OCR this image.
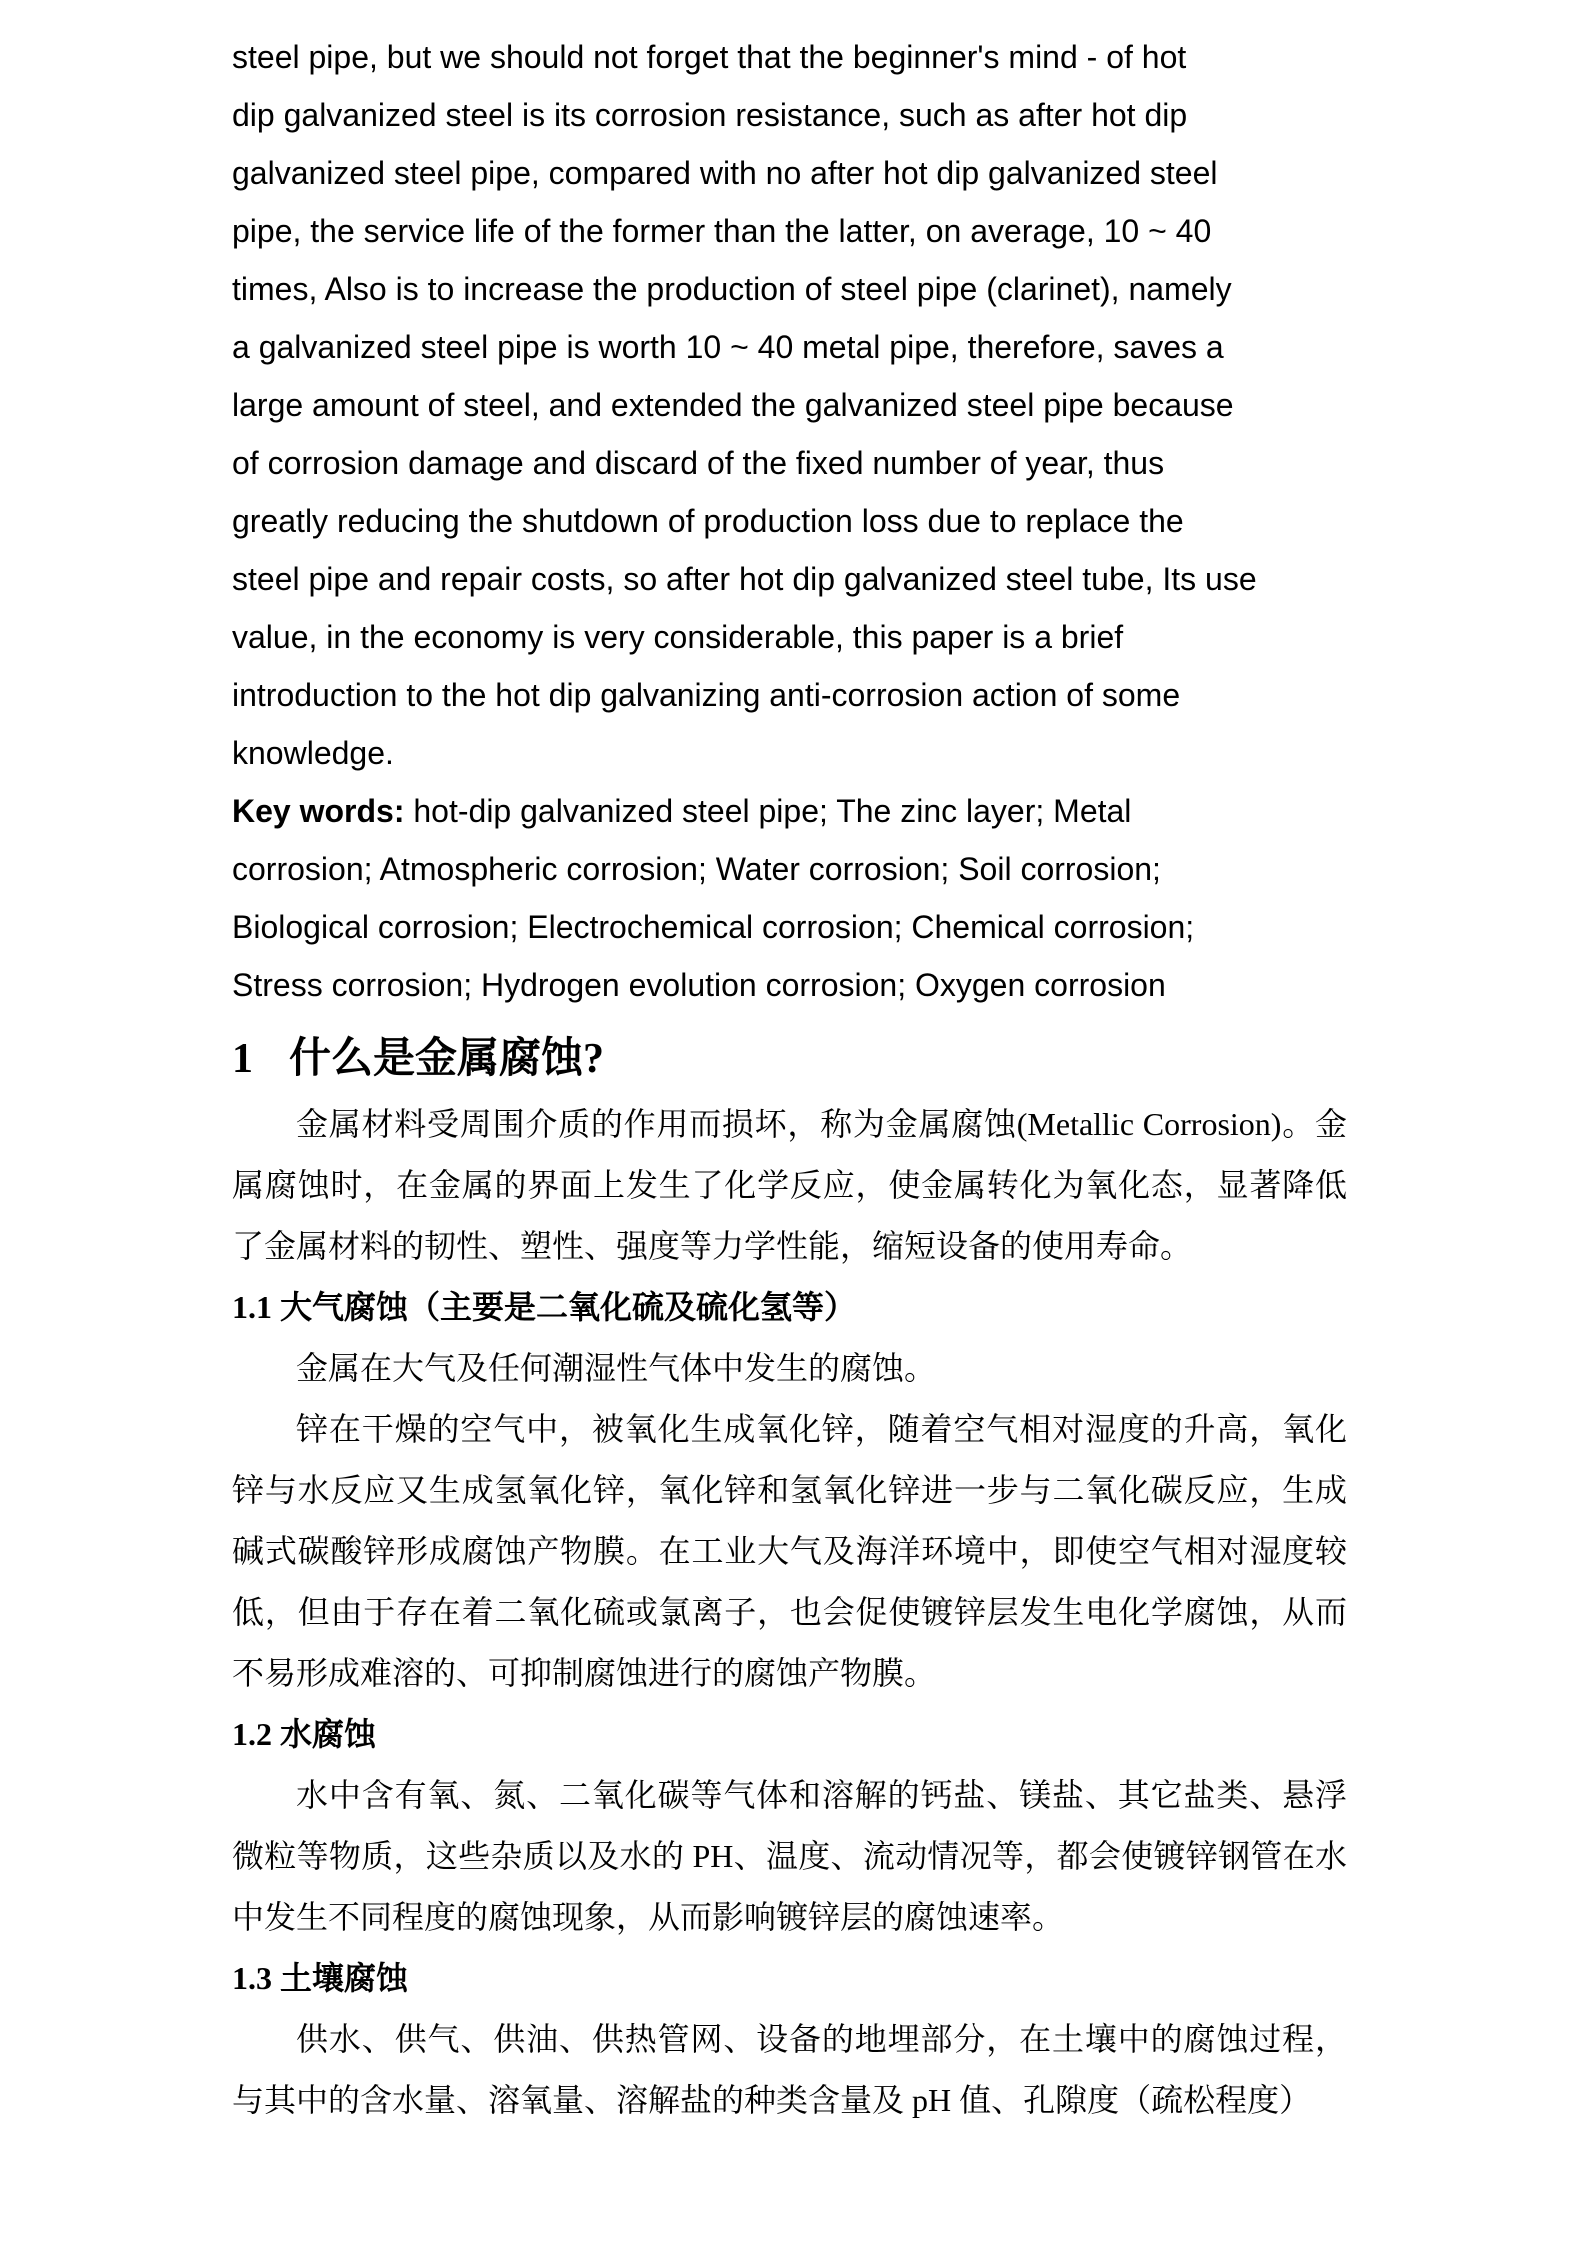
steel pipe, but we should not forget that the beginner's mind - of hot
dip galvanized steel is its corrosion resistance, such as after hot dip
galvanized steel pipe, compared with no after hot dip galvanized steel
pipe, the service life of the former than the latter, on average, 10 ~ 40
times, Also is to increase the production of steel pipe (clarinet), namely
a galvanized steel pipe is worth 10 ~ 40 metal pipe, therefore, saves a
large amount of steel, and extended the galvanized steel pipe because
of corrosion damage and discard of the fixed number of year, thus
greatly reducing the shutdown of production loss due to replace the
steel pipe and repair costs, so after hot dip galvanized steel tube, Its use
value, in the economy is very considerable, this paper is a brief
introduction to the hot dip galvanizing anti-corrosion action of some
knowledge.
Key words: hot-dip galvanized steel pipe; The zinc layer; Metal
corrosion; Atmospheric corrosion; Water corrosion; Soil corrosion;
Biological corrosion; Electrochemical corrosion; Chemical corrosion;
Stress corrosion; Hydrogen evolution corrosion; Oxygen corrosion
1 什么是金属腐蚀?

金属材料受周围介质的作用而损坏，称为金属腐蚀(Metallic Corrosion)。金属腐蚀时，在金属的界面上发生了化学反应，使金属转化为氧化态，显著降低了金属材料的韧性、塑性、强度等力学性能，缩短设备的使用寿命。

1.1 大气腐蚀（主要是二氧化硫及硫化氢等）

金属在大气及任何潮湿性气体中发生的腐蚀。

锌在干燥的空气中，被氧化生成氧化锌，随着空气相对湿度的升高，氧化锌与水反应又生成氢氧化锌，氧化锌和氢氧化锌进一步与二氧化碳反应，生成碱式碳酸锌形成腐蚀产物膜。在工业大气及海洋环境中，即使空气相对湿度较低，但由于存在着二氧化硫或氯离子，也会促使镀锌层发生电化学腐蚀，从而不易形成难溶的、可抑制腐蚀进行的腐蚀产物膜。

1.2 水腐蚀

水中含有氧、氮、二氧化碳等气体和溶解的钙盐、镁盐、其它盐类、悬浮微粒等物质，这些杂质以及水的 PH、温度、流动情况等，都会使镀锌钢管在水中发生不同程度的腐蚀现象，从而影响镀锌层的腐蚀速率。

1.3 土壤腐蚀

供水、供气、供油、供热管网、设备的地埋部分，在土壤中的腐蚀过程，与其中的含水量、溶氧量、溶解盐的种类含量及 pH 值、孔隙度（疏松程度）
